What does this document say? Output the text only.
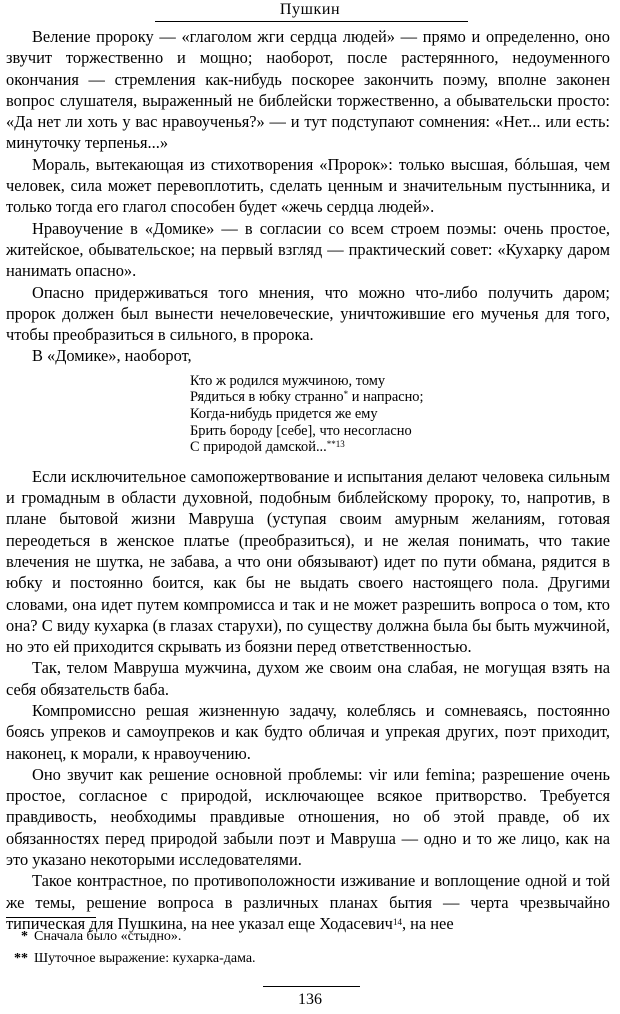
Пушкин

Веление пророку — «глаголом жги сердца людей» — прямо и определенно, оно звучит торжественно и мощно; наоборот, после растерянного, недоуменного окончания — стремления как-нибудь поскорее закончить поэму, вполне законен вопрос слушателя, выраженный не библейски торжественно, а обывательски просто: «Да нет ли хоть у вас нравоученья?» — и тут подступают сомнения: «Нет... или есть: минуточку терпенья...»

Мораль, вытекающая из стихотворения «Пророк»: только высшая, бóльшая, чем человек, сила может перевоплотить, сделать ценным и значительным пустынника, и только тогда его глагол способен будет «жечь сердца людей».

Нравоучение в «Домике» — в согласии со всем строем поэмы: очень простое, житейское, обывательское; на первый взгляд — практический совет: «Кухарку даром нанимать опасно».

Опасно придерживаться того мнения, что можно что-либо получить даром; пророк должен был вынести нечеловеческие, уничтожившие его мученья для того, чтобы преобразиться в сильного, в пророка.

В «Домике», наоборот,

Кто ж родился мужчиною, тому
Рядиться в юбку странно* и напрасно;
Когда-нибудь придется же ему
Брить бороду [себе], что несогласно
С природой дамской...$^{**13}$

Если исключительное самопожертвование и испытания делают человека сильным и громадным в области духовной, подобным библейскому пророку, то, напротив, в плане бытовой жизни Мавруша (уступая своим амурным желаниям, готовая переодеться в женское платье (преобразиться), и не желая понимать, что такие влечения не шутка, не забава, а что они обязывают) идет по пути обмана, рядится в юбку и постоянно боится, как бы не выдать своего настоящего пола. Другими словами, она идет путем компромисса и так и не может разрешить вопроса о том, кто она? С виду кухарка (в глазах старухи), по существу должна была бы быть мужчиной, но это ей приходится скрывать из боязни перед ответственностью.

Так, телом Мавруша мужчина, духом же своим она слабая, не могущая взять на себя обязательств баба.

Компромиссно решая жизненную задачу, колеблясь и сомневаясь, постоянно боясь упреков и самоупреков и как будто обличая и упрекая других, поэт приходит, наконец, к морали, к нравоучению.

Оно звучит как решение основной проблемы: vir или femina; разрешение очень простое, согласное с природой, исключающее всякое притворство. Требуется правдивость, необходимы правдивые отношения, но об этой правде, об их обязанностях перед природой забыли поэт и Мавруша — одно и то же лицо, как на это указано некоторыми исследователями.

Такое контрастное, по противоположности изживание и воплощение одной и той же темы, решение вопроса в различных планах бытия — черта чрезвычайно типическая для Пушкина, на нее указал еще Ходасевич$^{14}$, на нее

* Сначала было «стыдно».
** Шуточное выражение: кухарка-дама.
136
